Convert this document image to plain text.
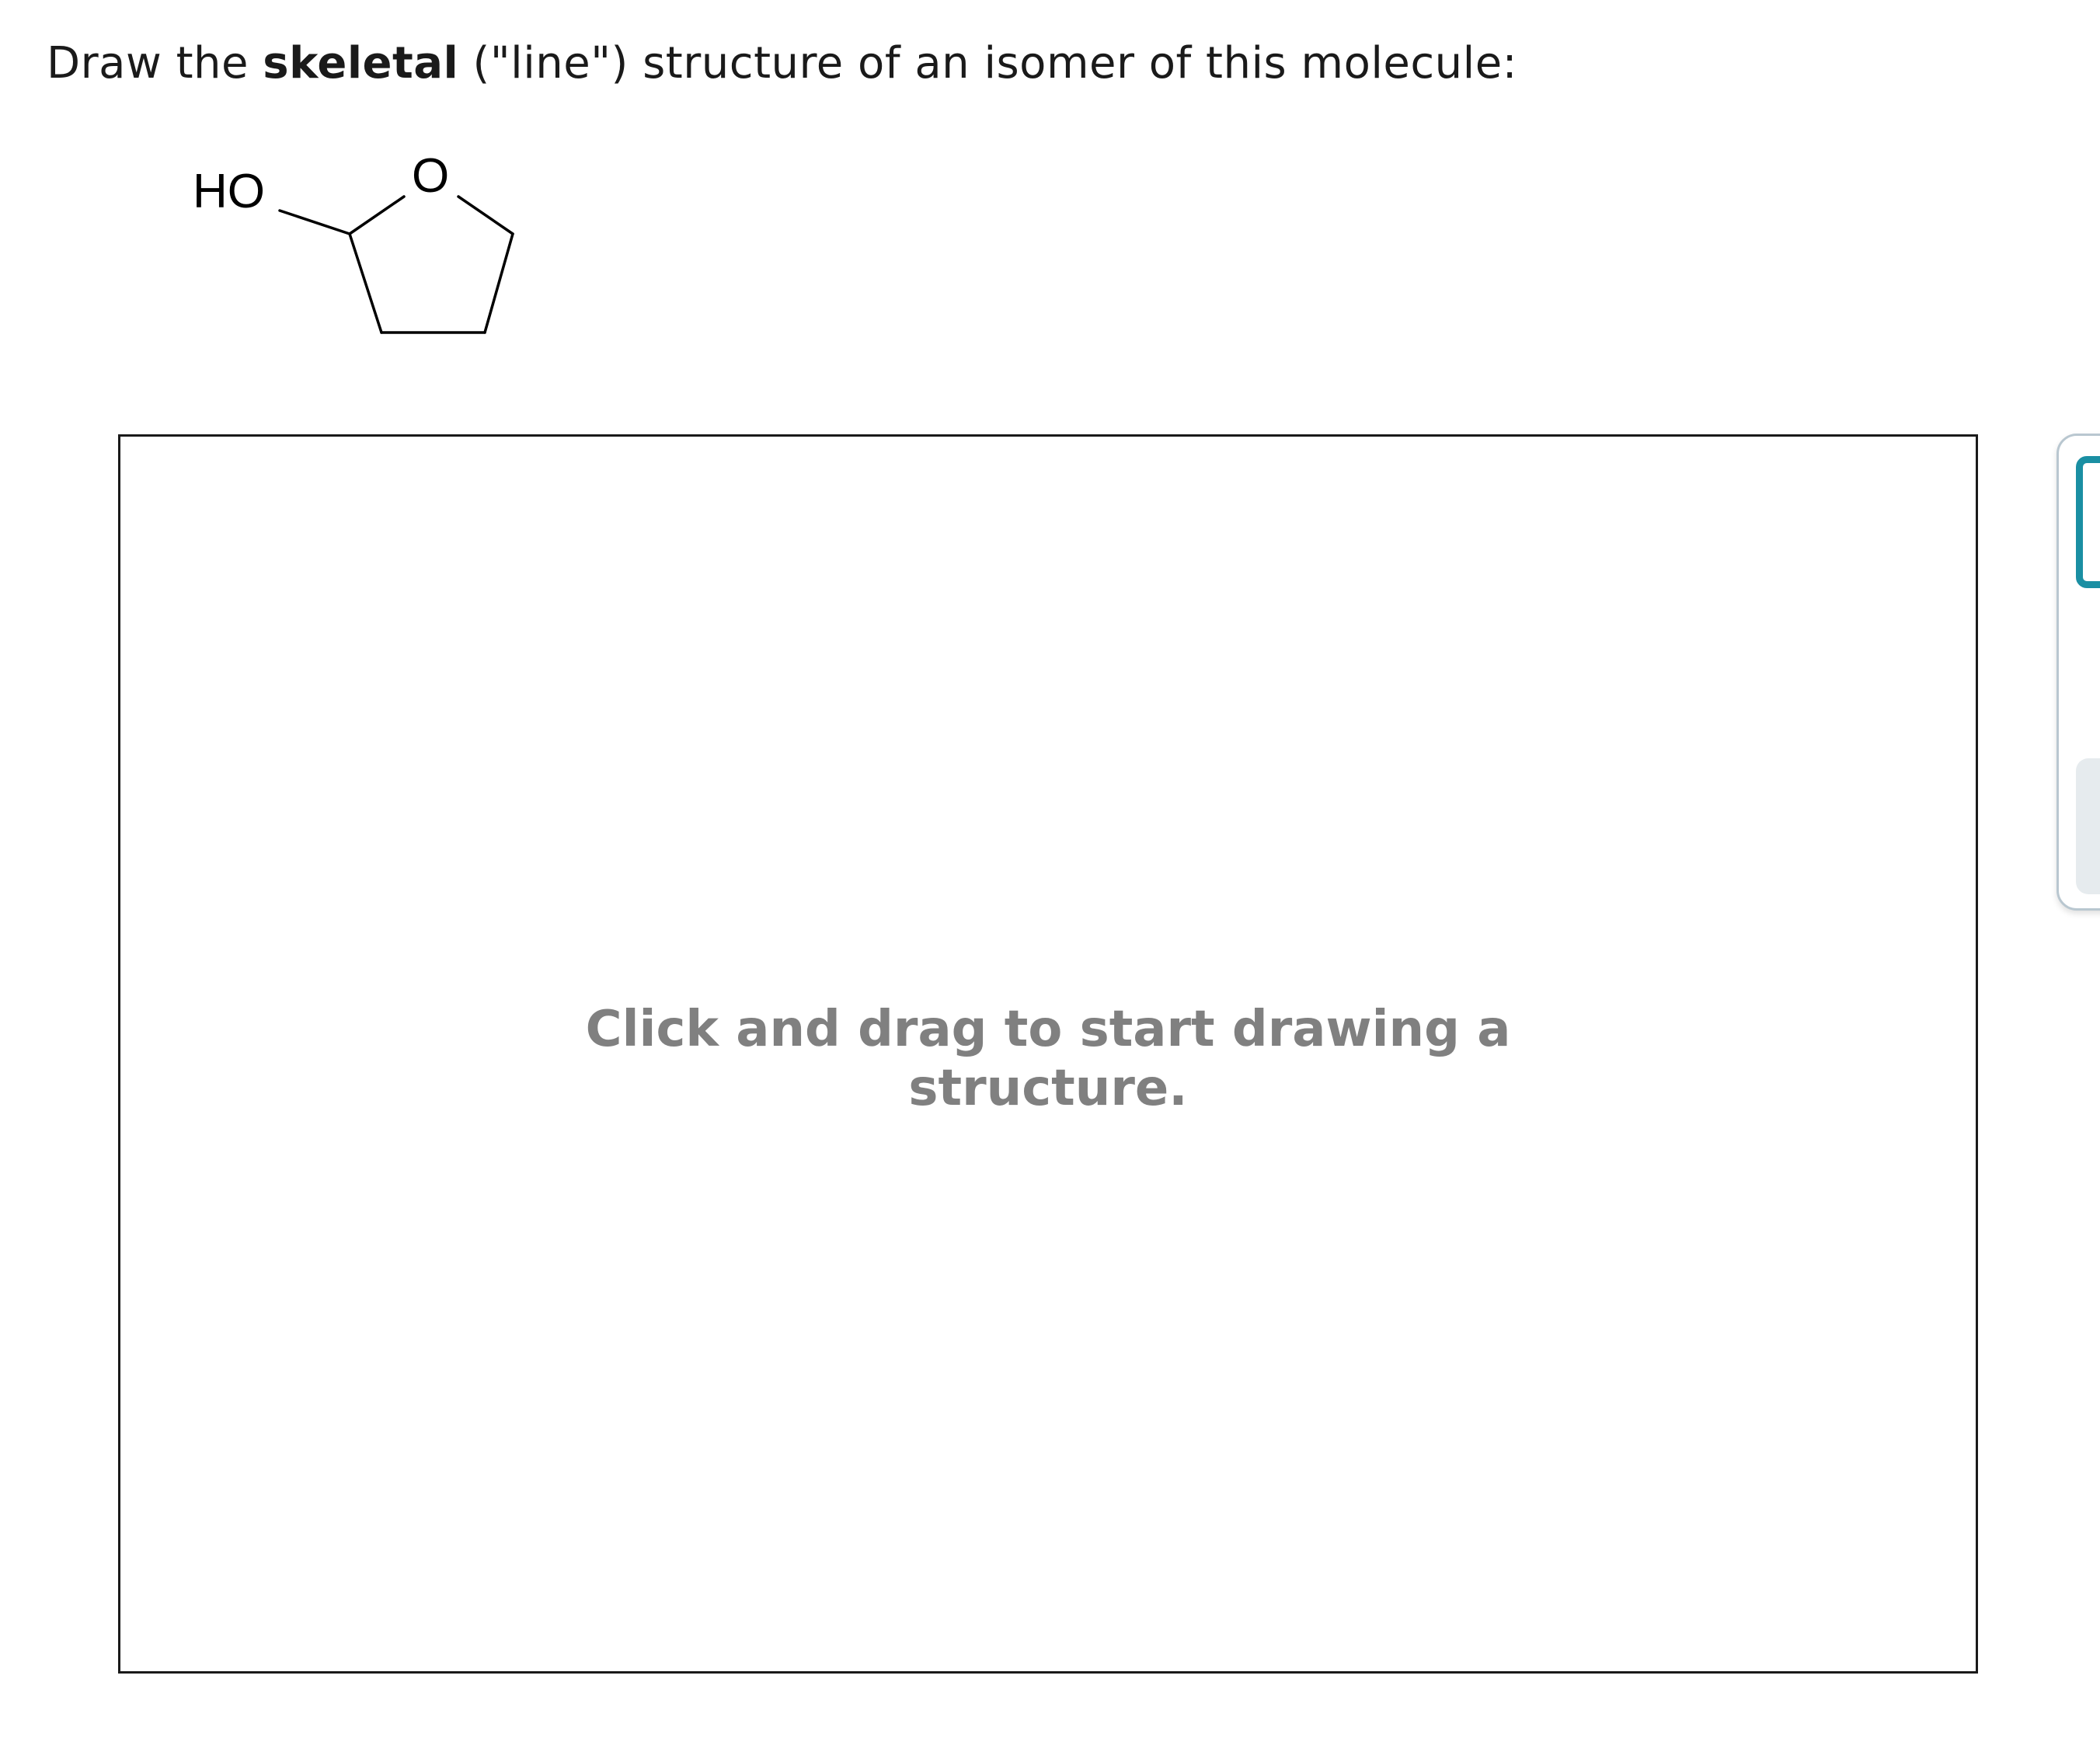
Draw the skeletal ("line") structure of an isomer of this molecule:
HO	O
Click and drag to start drawing a
structure.
